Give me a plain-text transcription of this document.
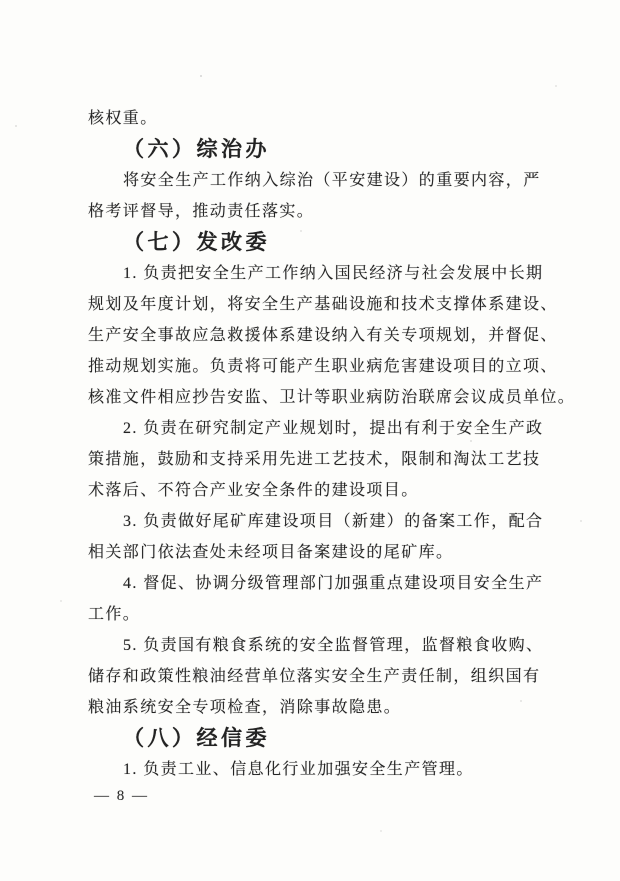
核权重。
（六）综治办
将安全生产工作纳入综治（平安建设）的重要内容，严
格考评督导，推动责任落实。
（七）发改委
1. 负责把安全生产工作纳入国民经济与社会发展中长期
规划及年度计划，将安全生产基础设施和技术支撑体系建设、
生产安全事故应急救援体系建设纳入有关专项规划，并督促、
推动规划实施。负责将可能产生职业病危害建设项目的立项、
核准文件相应抄告安监、卫计等职业病防治联席会议成员单位。
2. 负责在研究制定产业规划时，提出有利于安全生产政
策措施，鼓励和支持采用先进工艺技术，限制和淘汰工艺技
术落后、不符合产业安全条件的建设项目。
3. 负责做好尾矿库建设项目（新建）的备案工作，配合
相关部门依法查处未经项目备案建设的尾矿库。
4. 督促、协调分级管理部门加强重点建设项目安全生产
工作。
5. 负责国有粮食系统的安全监督管理，监督粮食收购、
储存和政策性粮油经营单位落实安全生产责任制，组织国有
粮油系统安全专项检查，消除事故隐患。
（八）经信委
1. 负责工业、信息化行业加强安全生产管理。
— 8 —
